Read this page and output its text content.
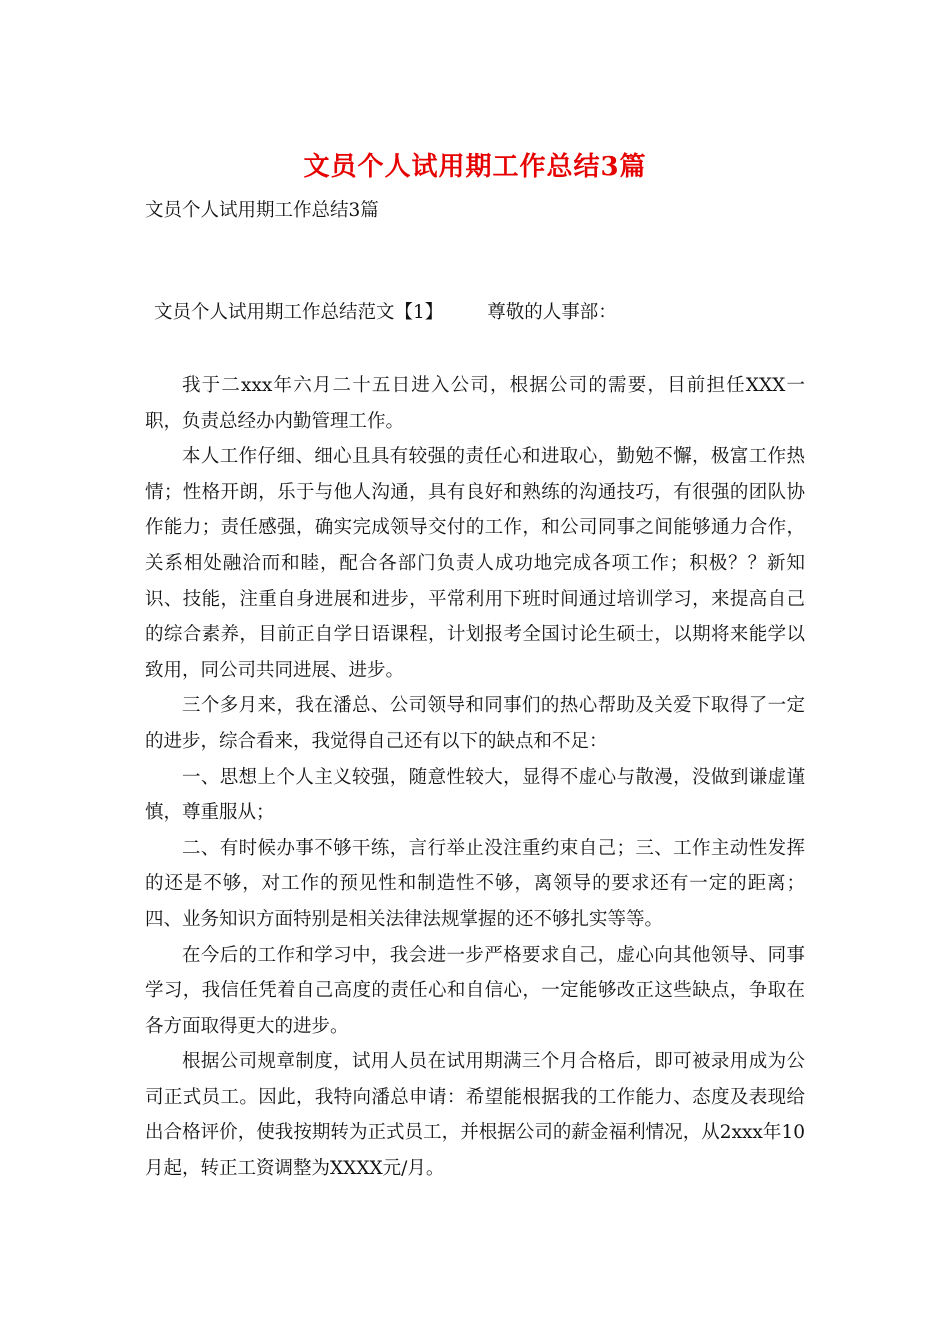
文员个人试用期工作总结3篇
文员个人试用期工作总结3篇
文员个人试用期工作总结范文【1】 尊敬的人事部：

我于二xxx年六月二十五日进入公司，根据公司的需要，目前担任XXX一职，负责总经办内勤管理工作。

本人工作仔细、细心且具有较强的责任心和进取心，勤勉不懈，极富工作热情；性格开朗，乐于与他人沟通，具有良好和熟练的沟通技巧，有很强的团队协作能力；责任感强，确实完成领导交付的工作，和公司同事之间能够通力合作，关系相处融洽而和睦，配合各部门负责人成功地完成各项工作；积极？？新知识、技能，注重自身进展和进步，平常利用下班时间通过培训学习，来提高自己的综合素养，目前正自学日语课程，计划报考全国讨论生硕士，以期将来能学以致用，同公司共同进展、进步。

三个多月来，我在潘总、公司领导和同事们的热心帮助及关爱下取得了一定的进步，综合看来，我觉得自己还有以下的缺点和不足：

一、思想上个人主义较强，随意性较大，显得不虚心与散漫，没做到谦虚谨慎，尊重服从；

二、有时候办事不够干练，言行举止没注重约束自己；三、工作主动性发挥的还是不够，对工作的预见性和制造性不够，离领导的要求还有一定的距离；四、业务知识方面特别是相关法律法规掌握的还不够扎实等等。

在今后的工作和学习中，我会进一步严格要求自己，虚心向其他领导、同事学习，我信任凭着自己高度的责任心和自信心，一定能够改正这些缺点，争取在各方面取得更大的进步。

根据公司规章制度，试用人员在试用期满三个月合格后，即可被录用成为公司正式员工。因此，我特向潘总申请：希望能根据我的工作能力、态度及表现给出合格评价，使我按期转为正式员工，并根据公司的薪金福利情况，从2xxx年10月起，转正工资调整为XXXX元/月。
